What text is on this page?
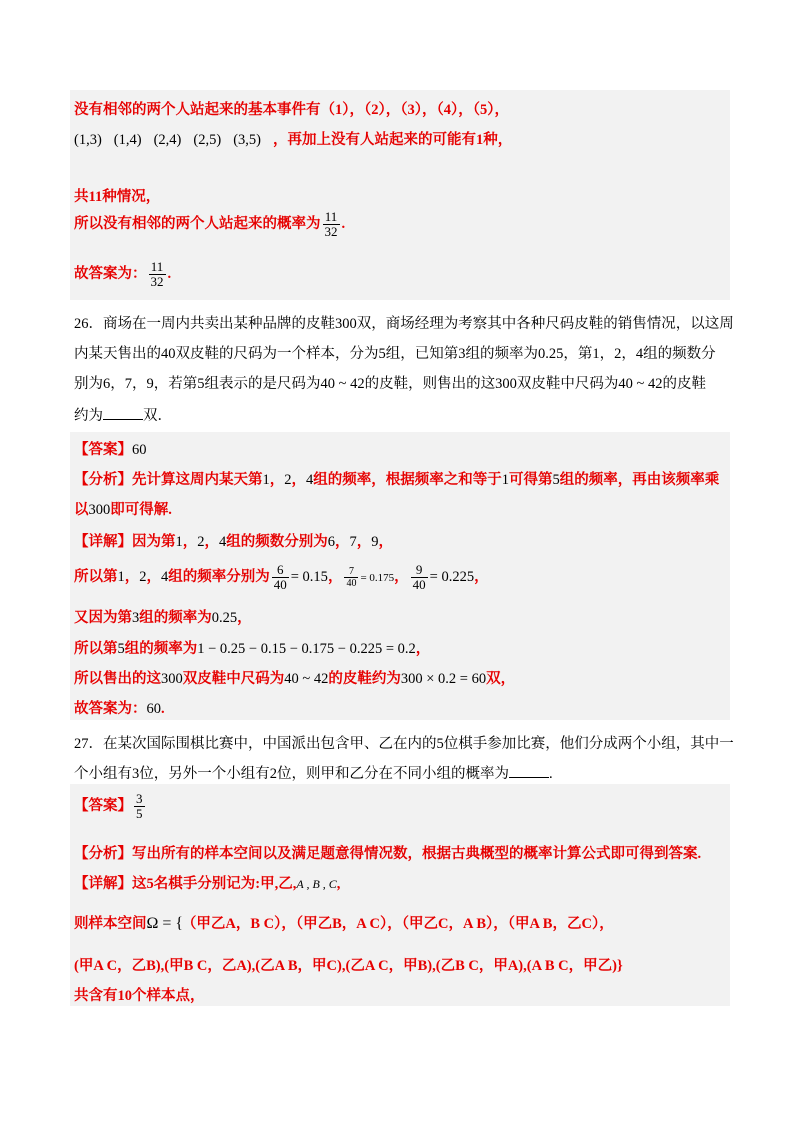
没有相邻的两个人站起来的基本事件有（1），（2），（3），（4），（5），
(1,3) (1,4) (2,4) (2,5) (3,5) ，再加上没有人站起来的可能有1种，
共11种情况，
所以没有相邻的两个人站起来的概率为 $\frac{11}{32}$ .
故答案为： $\frac{11}{32}$ .
26．商场在一周内共卖出某种品牌的皮鞋300双，商场经理为考察其中各种尺码皮鞋的销售情况，以这周
内某天售出的40双皮鞋的尺码为一个样本，分为5组，已知第3组的频率为0.25，第1，2，4组的频数分
别为6，7，9，若第5组表示的是尺码为40 ~ 42的皮鞋，则售出的这300双皮鞋中尺码为40 ~ 42的皮鞋
约为	双．
【答案】60
【分析】先计算这周内某天第1，2，4组的频率，根据频率之和等于1可得第5组的频率，再由该频率乘
以300即可得解.
【详解】因为第1，2，4组的频数分别为6，7，9，
所以第1，2，4组的频率分别为 $\frac{6}{40} = 0.15$， $\frac{7}{40} = 0.175$， $\frac{9}{40} = 0.225$，
又因为第3组的频率为0.25，
所以第5组的频率为1 − 0.25 − 0.15 − 0.175 − 0.225 = 0.2，
所以售出的这300双皮鞋中尺码为40 ~ 42的皮鞋约为300 × 0.2 = 60双，
故答案为：60.
27．在某次国际围棋比赛中，中国派出包含甲、乙在内的5位棋手参加比赛，他们分成两个小组，其中一
个小组有3位，另外一个小组有2位，则甲和乙分在不同小组的概率为	.
【答案】 $\frac{3}{5}$
【分析】写出所有的样本空间以及满足题意得情况数，根据古典概型的概率计算公式即可得到答案.
【详解】这5名棋手分别记为:甲,乙,A , B , C,
则样本空间Ω = { （甲乙A，B C），（甲乙B，A C），（甲乙C，A B），（甲A B，乙C），
(甲A C，乙B),(甲B C，乙A),(乙A B，甲C),(乙A C，甲B),(乙B C，甲A),(A B C，甲乙)}
共含有10个样本点，
